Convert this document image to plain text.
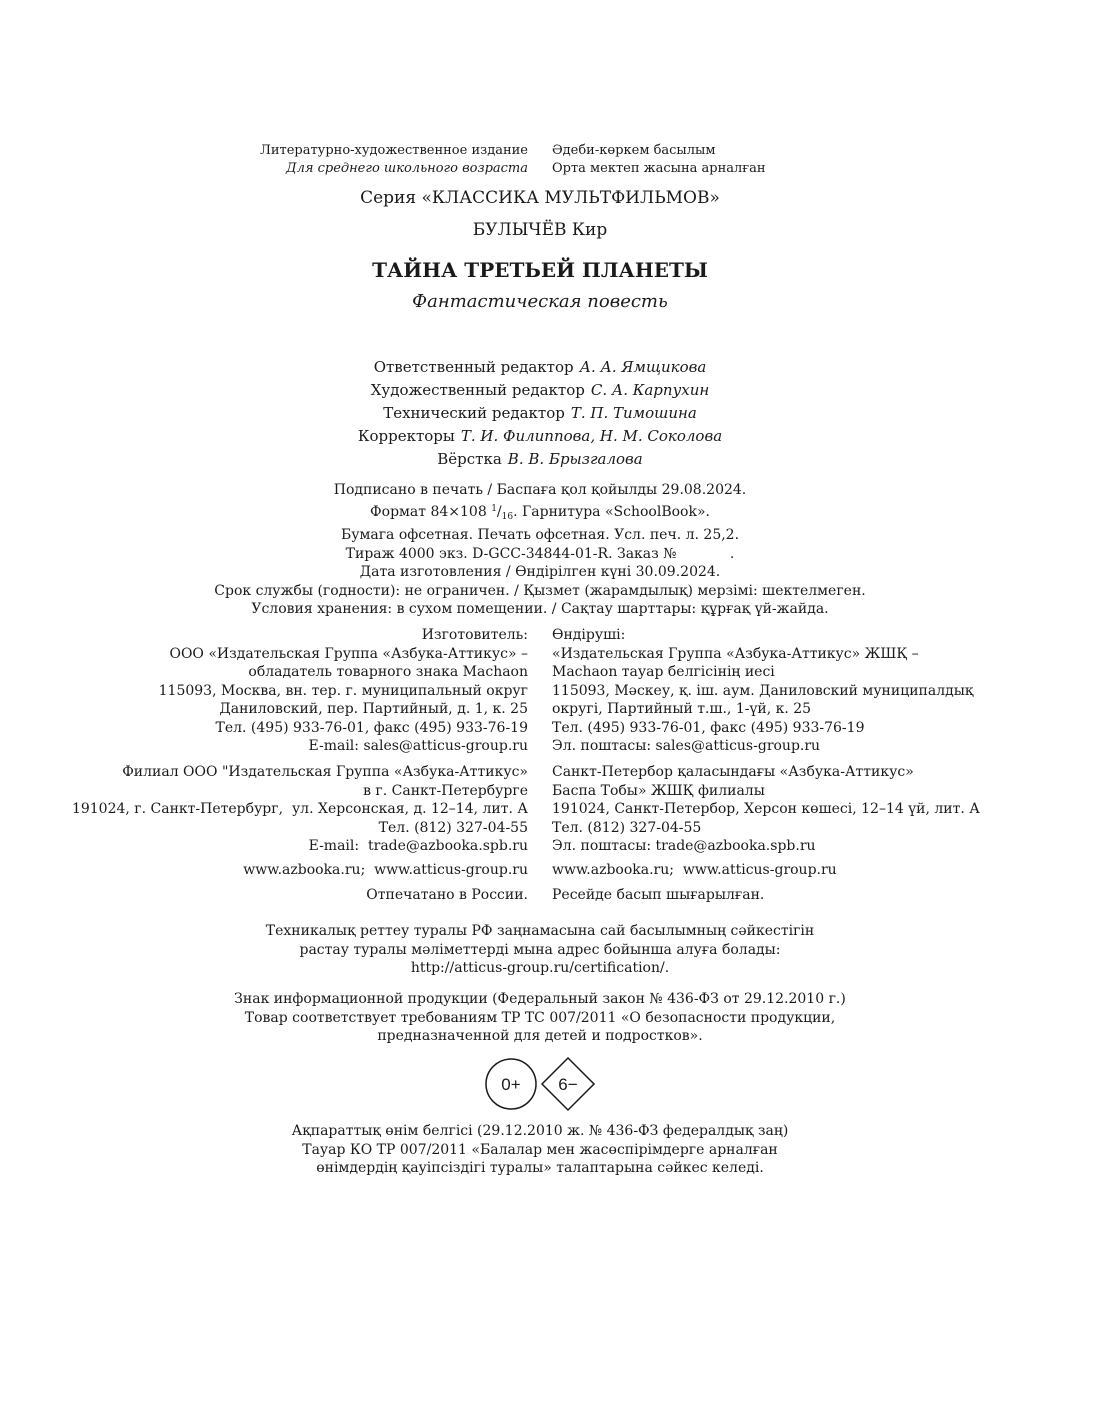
Литературно-художественное издание
Для среднего школьного возраста
Әдеби-көркем басылым
Орта мектеп жасына арналған
Серия «КЛАССИКА МУЛЬТФИЛЬМОВ»
БУЛЫЧЁВ Кир
ТАЙНА ТРЕТЬЕЙ ПЛАНЕТЫ
Фантастическая повесть
Ответственный редактор А. А. Ямщикова
Художественный редактор С. А. Карпухин
Технический редактор Т. П. Тимошина
Корректоры Т. И. Филиппова, Н. М. Соколова
Вёрстка В. В. Брызгалова
Подписано в печать / Баспаға қол қойылды 29.08.2024.
Формат 84×108 $^1/_{16}$. Гарнитура «SchoolBook».
Бумага офсетная. Печать офсетная. Усл. печ. л. 25,2.
Тираж 4000 экз. D-GCC-34844-01-R. Заказ №            .
Дата изготовления / Өндірілген күні 30.09.2024.
Срок службы (годности): не ограничен. / Қызмет (жарамдылық) мерзімі: шектелмеген.
Условия хранения: в сухом помещении. / Сақтау шарттары: құрғақ үй-жайда.
Изготовитель:
ООО «Издательская Группа «Азбука-Аттикус» –
обладатель товарного знака Machaon
115093, Москва, вн. тер. г. муниципальный округ
Даниловский, пер. Партийный, д. 1, к. 25
Тел. (495) 933-76-01, факс (495) 933-76-19
E-mail: sales@atticus-group.ru
Өндіруші:
«Издательская Группа «Азбука-Аттикус» ЖШҚ –
Machaon тауар белгісінің иесі
115093, Мәскеу, қ. іш. аум. Даниловский муниципалдық
округі, Партийный т.ш., 1-үй, к. 25
Тел. (495) 933-76-01, факс (495) 933-76-19
Эл. поштасы: sales@atticus-group.ru
Филиал ООО "Издательская Группа «Азбука-Аттикус»
в г. Санкт-Петербурге
191024, г. Санкт-Петербург,  ул. Херсонская, д. 12–14, лит. А
Тел. (812) 327-04-55
E-mail:  trade@azbooka.spb.ru
Санкт-Петербор қаласындағы «Азбука-Аттикус»
Баспа Тобы» ЖШҚ филиалы
191024, Санкт-Петербор, Херсон көшесі, 12–14 үй, лит. А
Тел. (812) 327-04-55
Эл. поштасы: trade@azbooka.spb.ru
www.azbooka.ru;  www.atticus-group.ru www.azbooka.ru;  www.atticus-group.ru
Отпечатано в России. Ресейде басып шығарылған.
Техникалық реттеу туралы РФ заңнамасына сай басылымның сәйкестігін
растау туралы мәліметтерді мына адрес бойынша алуға болады:
http://atticus-group.ru/certification/.
Знак информационной продукции (Федеральный закон № 436-ФЗ от 29.12.2010 г.)
Товар соответствует требованиям ТР ТС 007/2011 «О безопасности продукции,
предназначенной для детей и подростков».
0+ 6−
Ақпараттық өнім белгісі (29.12.2010 ж. № 436-ФЗ федералдық заң)
Тауар КО ТР 007/2011 «Балалар мен жасөспірімдерге арналған
өнімдердің қауіпсіздігі туралы» талаптарына сәйкес келеді.
